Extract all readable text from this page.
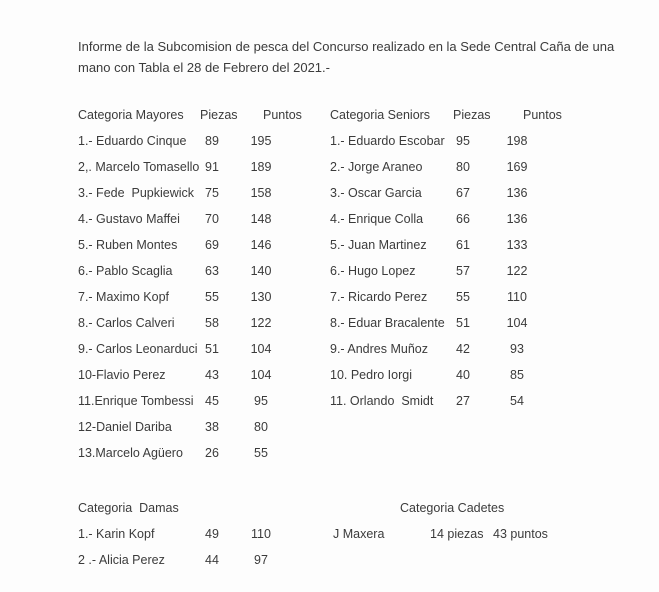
Informe de la Subcomision de pesca del Concurso realizado en la Sede Central Caña de una
mano con Tabla el 28 de Febrero del 2021.-
Categoria Mayores	Piezas	Puntos
1.- Eduardo Cinque	89	195
2,. Marcelo Tomasello 91	189
3.- Fede  Pupkiewick 75	158
4.- Gustavo Maffei	70	148
5.- Ruben Montes	69	146
6.- Pablo Scaglia	63	140
7.- Maximo Kopf	55	130
8.- Carlos Calveri	58	122
9.- Carlos Leonarduci 51	104
10-Flavio Perez	43	104
11.Enrique Tombessi 45	95
12-Daniel Dariba	38	80
13.Marcelo Agüero	26	55
Categoria Seniors	Piezas	Puntos
1.- Eduardo Escobar 95	198
2.- Jorge Araneo	80	169
3.- Oscar Garcia	67	136
4.- Enrique Colla	66	136
5.- Juan Martinez	61	133
6.- Hugo Lopez	57	122
7.- Ricardo Perez	55	110
8.- Eduar Bracalente 51	104
9.- Andres Muñoz	42	93
10. Pedro Iorgi	40	85
11. Orlando  Smidt	27	54
Categoria  Damas
1.- Karin Kopf	49	110
2 .- Alicia Perez	44	97
Categoria Cadetes
J Maxera	14 piezas 43 puntos
